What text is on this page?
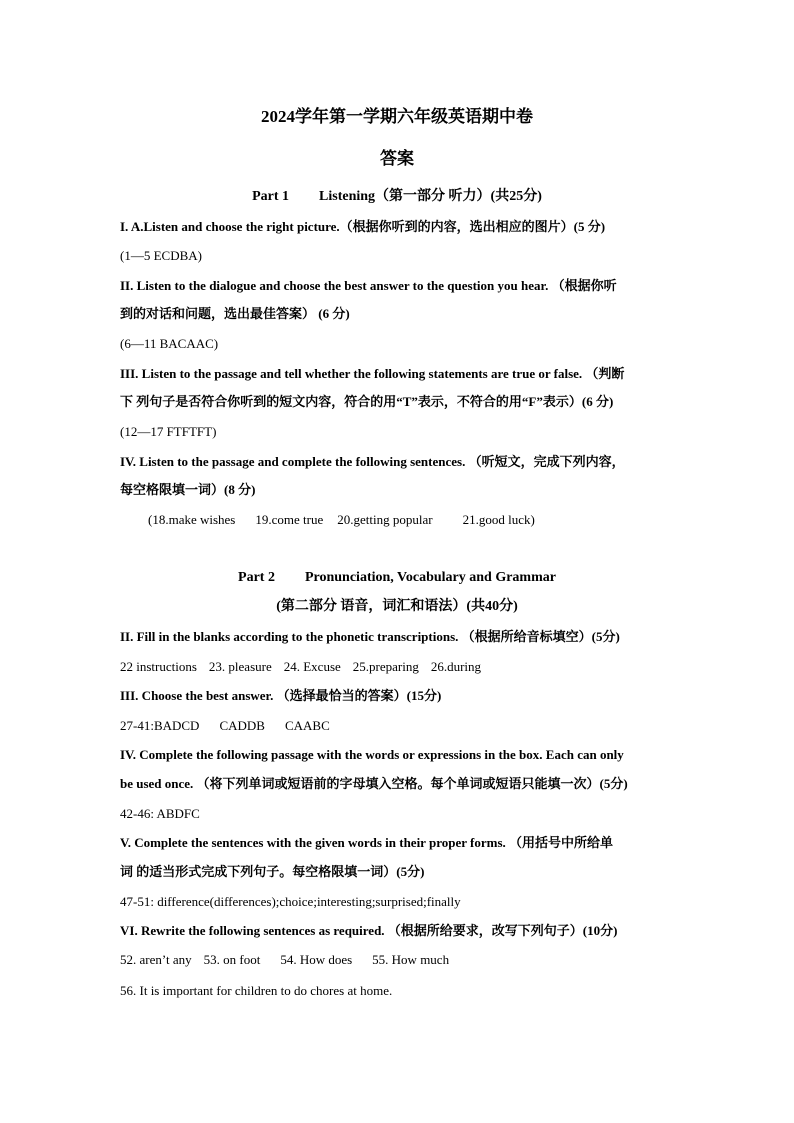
2024学年第一学期六年级英语期中卷
答案
Part 1 Listening（第一部分 听力）(共25分)
I. A.Listen and choose the right picture.（根据你听到的内容，选出相应的图片）(5 分)
(1—5 ECDBA)
II. Listen to the dialogue and choose the best answer to the question you hear. （根据你听
到的对话和问题，选出最佳答案） (6 分)
(6—11 BACAAC)
III. Listen to the passage and tell whether the following statements are true or false. （判断
下 列句子是否符合你听到的短文内容，符合的用“T”表示，不符合的用“F”表示）(6 分)
(12—17 FTFTFT)
IV. Listen to the passage and complete the following sentences. （听短文，完成下列内容，
每空格限填一词）(8 分)
(18.make wishes 19.come true 20.getting popular 21.good luck)
Part 2 Pronunciation, Vocabulary and Grammar
(第二部分 语音，词汇和语法）(共40分)
II. Fill in the blanks according to the phonetic transcriptions. （根据所给音标填空）(5分)
22 instructions 23. pleasure 24. Excuse 25.preparing 26.during
III. Choose the best answer. （选择最恰当的答案）(15分)
27-41:BADCD CADDB CAABC
IV. Complete the following passage with the words or expressions in the box. Each can only
be used once. （将下列单词或短语前的字母填入空格。每个单词或短语只能填一次）(5分)
42-46: ABDFC
V. Complete the sentences with the given words in their proper forms. （用括号中所给单
词 的适当形式完成下列句子。每空格限填一词）(5分)
47-51: difference(differences);choice;interesting;surprised;finally
VI. Rewrite the following sentences as required. （根据所给要求，改写下列句子）(10分)
52. aren’t any 53. on foot 54. How does 55. How much
56. It is important for children to do chores at home.
